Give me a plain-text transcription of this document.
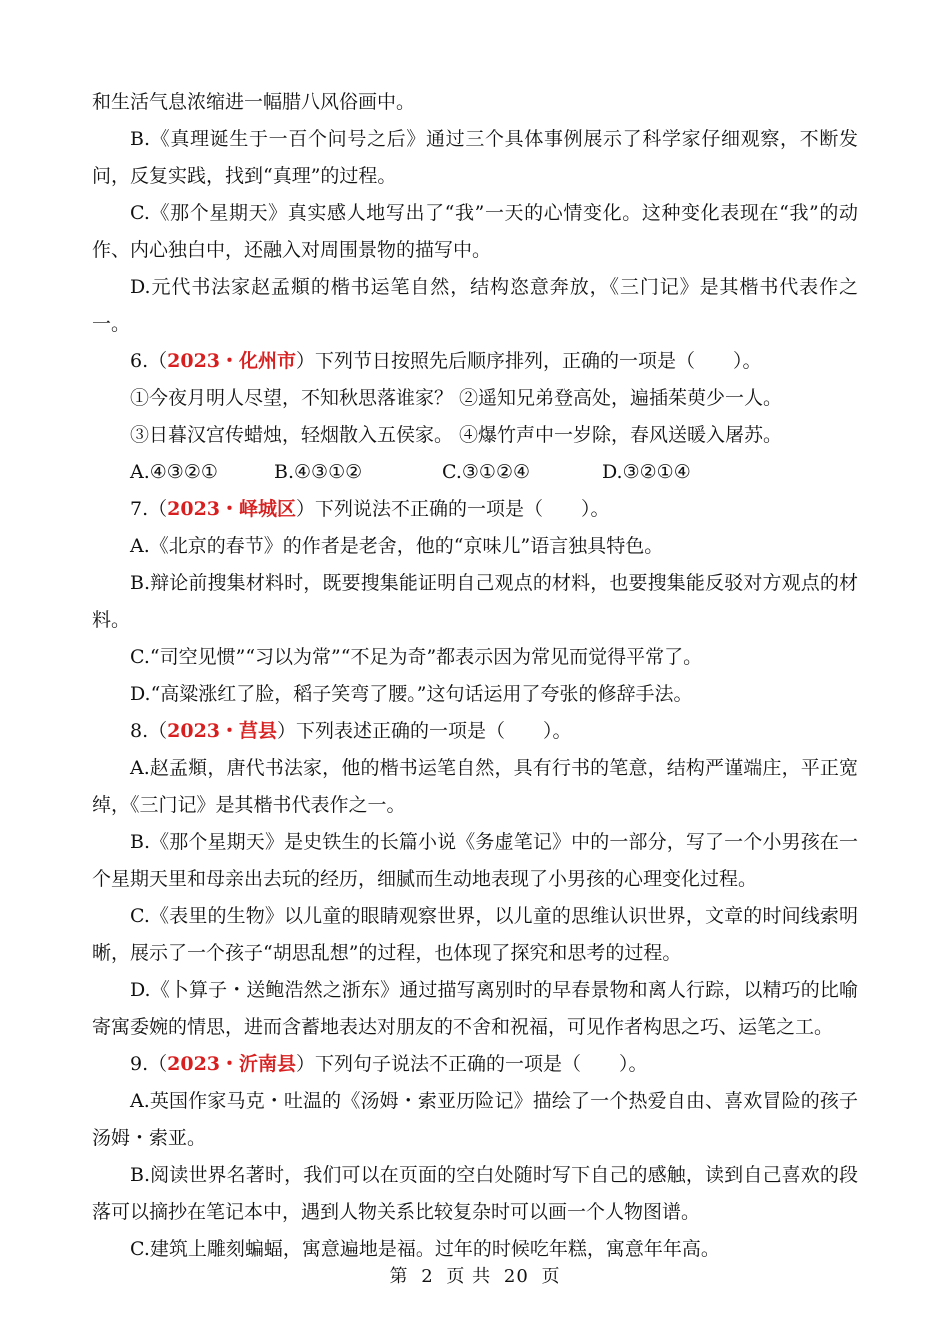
和生活气息浓缩进一幅腊八风俗画中。

B.《真理诞生于一百个问号之后》通过三个具体事例展示了科学家仔细观察，不断发问，反复实践，找到“真理”的过程。

C.《那个星期天》真实感人地写出了“我”一天的心情变化。这种变化表现在“我”的动作、内心独白中，还融入对周围景物的描写中。

D.元代书法家赵孟頫的楷书运笔自然，结构恣意奔放，《三门记》是其楷书代表作之一。

6.（2023・化州市）下列节日按照先后顺序排列，正确的一项是（　　）。

①今夜月明人尽望，不知秋思落谁家？ ②遥知兄弟登高处，遍插茱萸少一人。

③日暮汉宫传蜡烛，轻烟散入五侯家。 ④爆竹声中一岁除，春风送暖入屠苏。

A.④③②①	B.④③①②	C.③①②④	D.③②①④

7.（2023・峄城区）下列说法不正确的一项是（　　）。

A.《北京的春节》的作者是老舍，他的“京味儿”语言独具特色。

B.辩论前搜集材料时，既要搜集能证明自己观点的材料，也要搜集能反驳对方观点的材料。

C.“司空见惯”“习以为常”“不足为奇”都表示因为常见而觉得平常了。

D.“高粱涨红了脸，稻子笑弯了腰。”这句话运用了夸张的修辞手法。

8.（2023・莒县）下列表述正确的一项是（　　）。

A.赵孟頫，唐代书法家，他的楷书运笔自然，具有行书的笔意，结构严谨端庄，平正宽绰，《三门记》是其楷书代表作之一。

B.《那个星期天》是史铁生的长篇小说《务虚笔记》中的一部分，写了一个小男孩在一个星期天里和母亲出去玩的经历，细腻而生动地表现了小男孩的心理变化过程。

C.《表里的生物》以儿童的眼睛观察世界，以儿童的思维认识世界，文章的时间线索明晰，展示了一个孩子“胡思乱想”的过程，也体现了探究和思考的过程。

D.《卜算子・送鲍浩然之浙东》通过描写离别时的早春景物和离人行踪，以精巧的比喻寄寓委婉的情思，进而含蓄地表达对朋友的不舍和祝福，可见作者构思之巧、运笔之工。

9.（2023・沂南县）下列句子说法不正确的一项是（　　）。

A.英国作家马克・吐温的《汤姆・索亚历险记》描绘了一个热爱自由、喜欢冒险的孩子汤姆・索亚。

B.阅读世界名著时，我们可以在页面的空白处随时写下自己的感触，读到自己喜欢的段落可以摘抄在笔记本中，遇到人物关系比较复杂时可以画一个人物图谱。

C.建筑上雕刻蝙蝠，寓意遍地是福。过年的时候吃年糕，寓意年年高。

第 2 页 共 20 页
